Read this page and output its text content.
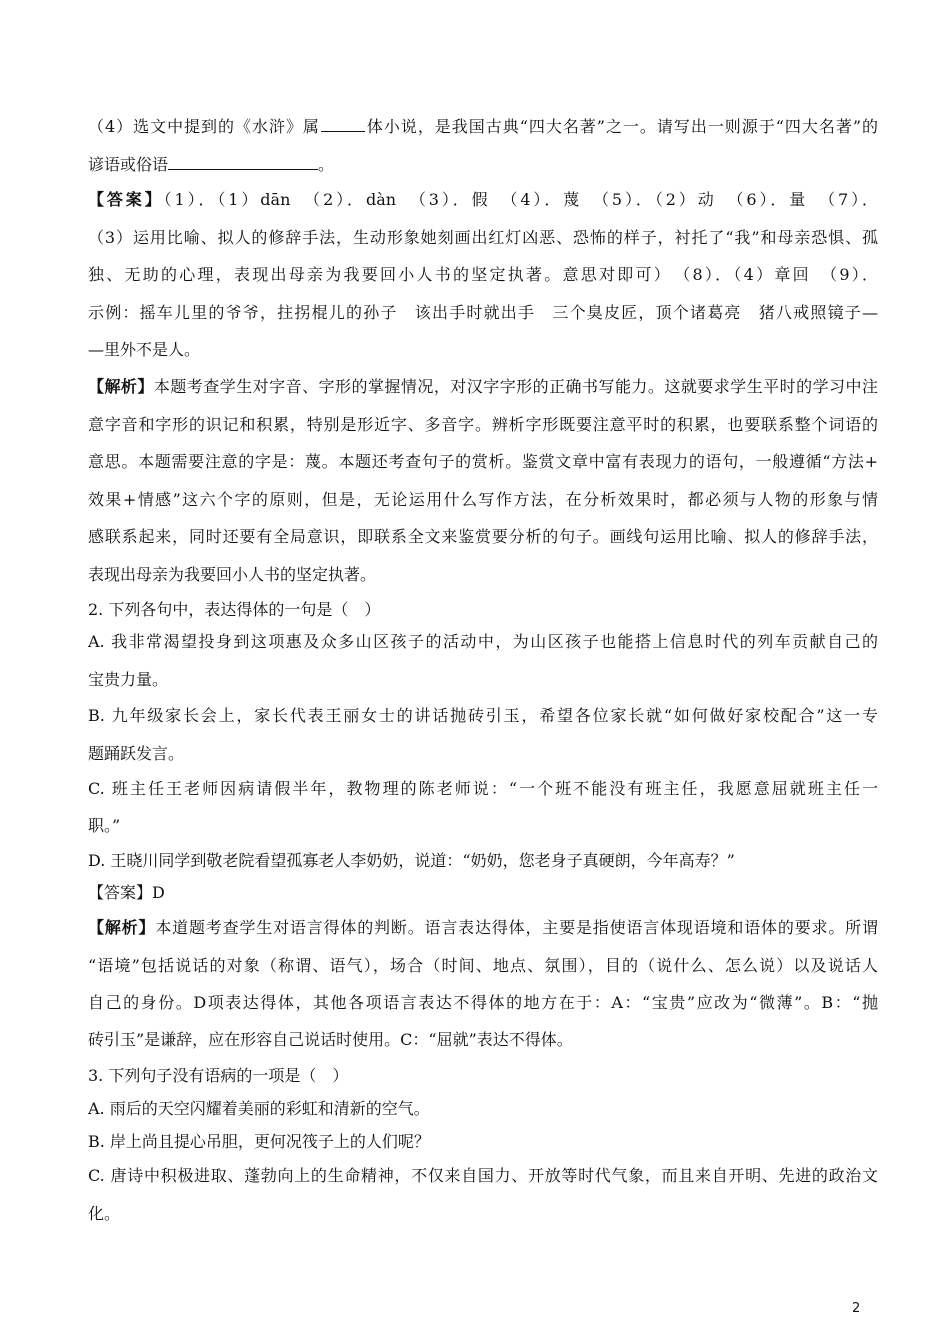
（4）选文中提到的《水浒》属	体小说，是我国古典“四大名著”之一。请写出一则源于“四大名著”的
谚语或俗语	。
【答案】（1）．（1）dān　（2）．dàn　（3）．假　（4）．蔑　（5）．（2）动　（6）．量　（7）．
（3）运用比喻、拟人的修辞手法，生动形象她刻画出红灯凶恶、恐怖的样子，衬托了“我”和母亲恐惧、孤
独、无助的心理，表现出母亲为我要回小人书的坚定执著。意思对即可）　（8）．（4）章回　（9）．
示例：摇车儿里的爷爷，拄拐棍儿的孙子　该出手时就出手　三个臭皮匠，顶个诸葛亮　猪八戒照镜子—
—里外不是人。
【解析】本题考查学生对字音、字形的掌握情况，对汉字字形的正确书写能力。这就要求学生平时的学习中注
意字音和字形的识记和积累，特别是形近字、多音字。辨析字形既要注意平时的积累，也要联系整个词语的
意思。本题需要注意的字是：蔑。本题还考查句子的赏析。鉴赏文章中富有表现力的语句，一般遵循“方法+
效果+情感”这六个字的原则，但是，无论运用什么写作方法，在分析效果时，都必须与人物的形象与情
感联系起来，同时还要有全局意识，即联系全文来鉴赏要分析的句子。画线句运用比喻、拟人的修辞手法，
表现出母亲为我要回小人书的坚定执著。
2. 下列各句中，表达得体的一句是（　）
A. 我非常渴望投身到这项惠及众多山区孩子的活动中，为山区孩子也能搭上信息时代的列车贡献自己的
宝贵力量。
B. 九年级家长会上，家长代表王丽女士的讲话抛砖引玉，希望各位家长就“如何做好家校配合”这一专
题踊跃发言。
C. 班主任王老师因病请假半年，教物理的陈老师说：“一个班不能没有班主任，我愿意屈就班主任一
职。”
D. 王晓川同学到敬老院看望孤寡老人李奶奶，说道：“奶奶，您老身子真硬朗，今年高寿？”
【答案】D
【解析】本道题考查学生对语言得体的判断。语言表达得体，主要是指使语言体现语境和语体的要求。所谓
“语境”包括说话的对象（称谓、语气），场合（时间、地点、氛围），目的（说什么、怎么说）以及说话人
自己的身份。D项表达得体，其他各项语言表达不得体的地方在于：A：“宝贵”应改为“微薄”。B：“抛
砖引玉”是谦辞，应在形容自己说话时使用。C：“屈就”表达不得体。
3. 下列句子没有语病的一项是（　）
A. 雨后的天空闪耀着美丽的彩虹和清新的空气。
B. 岸上尚且提心吊胆，更何况筏子上的人们呢？
C. 唐诗中积极进取、蓬勃向上的生命精神，不仅来自国力、开放等时代气象，而且来自开明、先进的政治文
化。
2
